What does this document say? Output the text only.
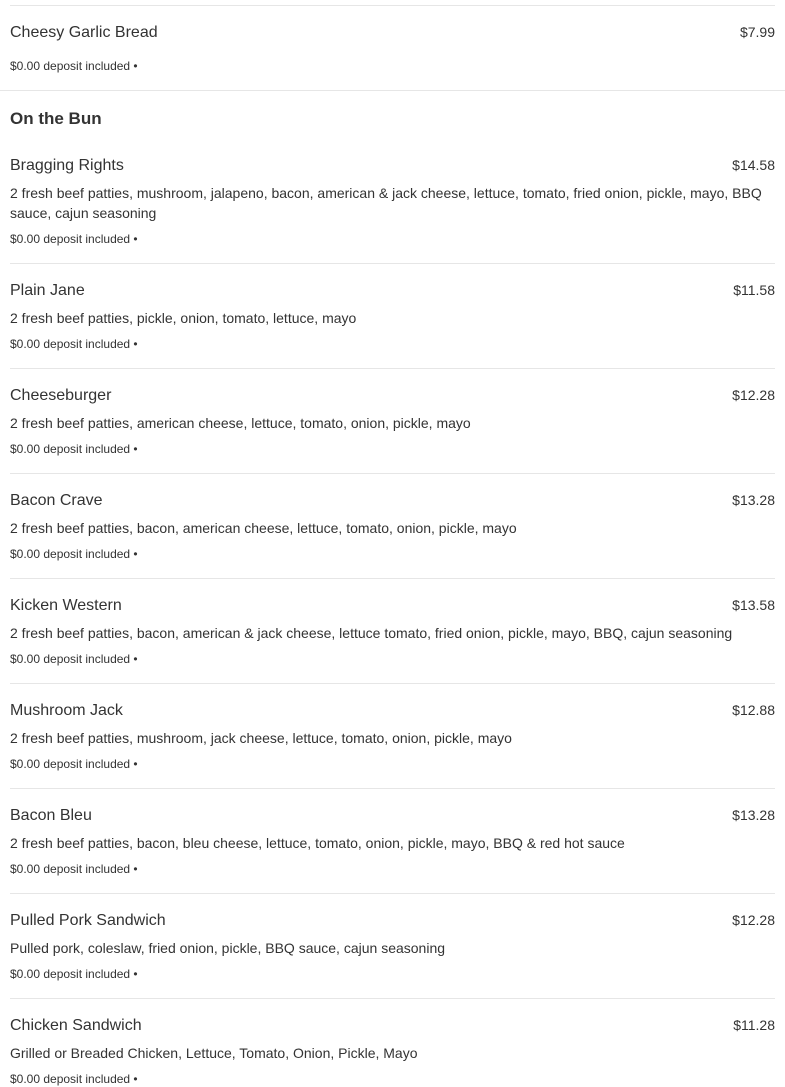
Cheesy Garlic Bread	$7.99
$0.00 deposit included •
On the Bun
Bragging Rights	$14.58
2 fresh beef patties, mushroom, jalapeno, bacon, american & jack cheese, lettuce, tomato, fried onion, pickle, mayo, BBQ sauce, cajun seasoning
$0.00 deposit included •
Plain Jane	$11.58
2 fresh beef patties, pickle, onion, tomato, lettuce, mayo
$0.00 deposit included •
Cheeseburger	$12.28
2 fresh beef patties, american cheese, lettuce, tomato, onion, pickle, mayo
$0.00 deposit included •
Bacon Crave	$13.28
2 fresh beef patties, bacon, american cheese, lettuce, tomato, onion, pickle, mayo
$0.00 deposit included •
Kicken Western	$13.58
2 fresh beef patties, bacon, american & jack cheese, lettuce tomato, fried onion, pickle, mayo, BBQ, cajun seasoning
$0.00 deposit included •
Mushroom Jack	$12.88
2 fresh beef patties, mushroom, jack cheese, lettuce, tomato, onion, pickle, mayo
$0.00 deposit included •
Bacon Bleu	$13.28
2 fresh beef patties, bacon, bleu cheese, lettuce, tomato, onion, pickle, mayo, BBQ & red hot sauce
$0.00 deposit included •
Pulled Pork Sandwich	$12.28
Pulled pork, coleslaw, fried onion, pickle, BBQ sauce, cajun seasoning
$0.00 deposit included •
Chicken Sandwich	$11.28
Grilled or Breaded Chicken, Lettuce, Tomato, Onion, Pickle, Mayo
$0.00 deposit included •
